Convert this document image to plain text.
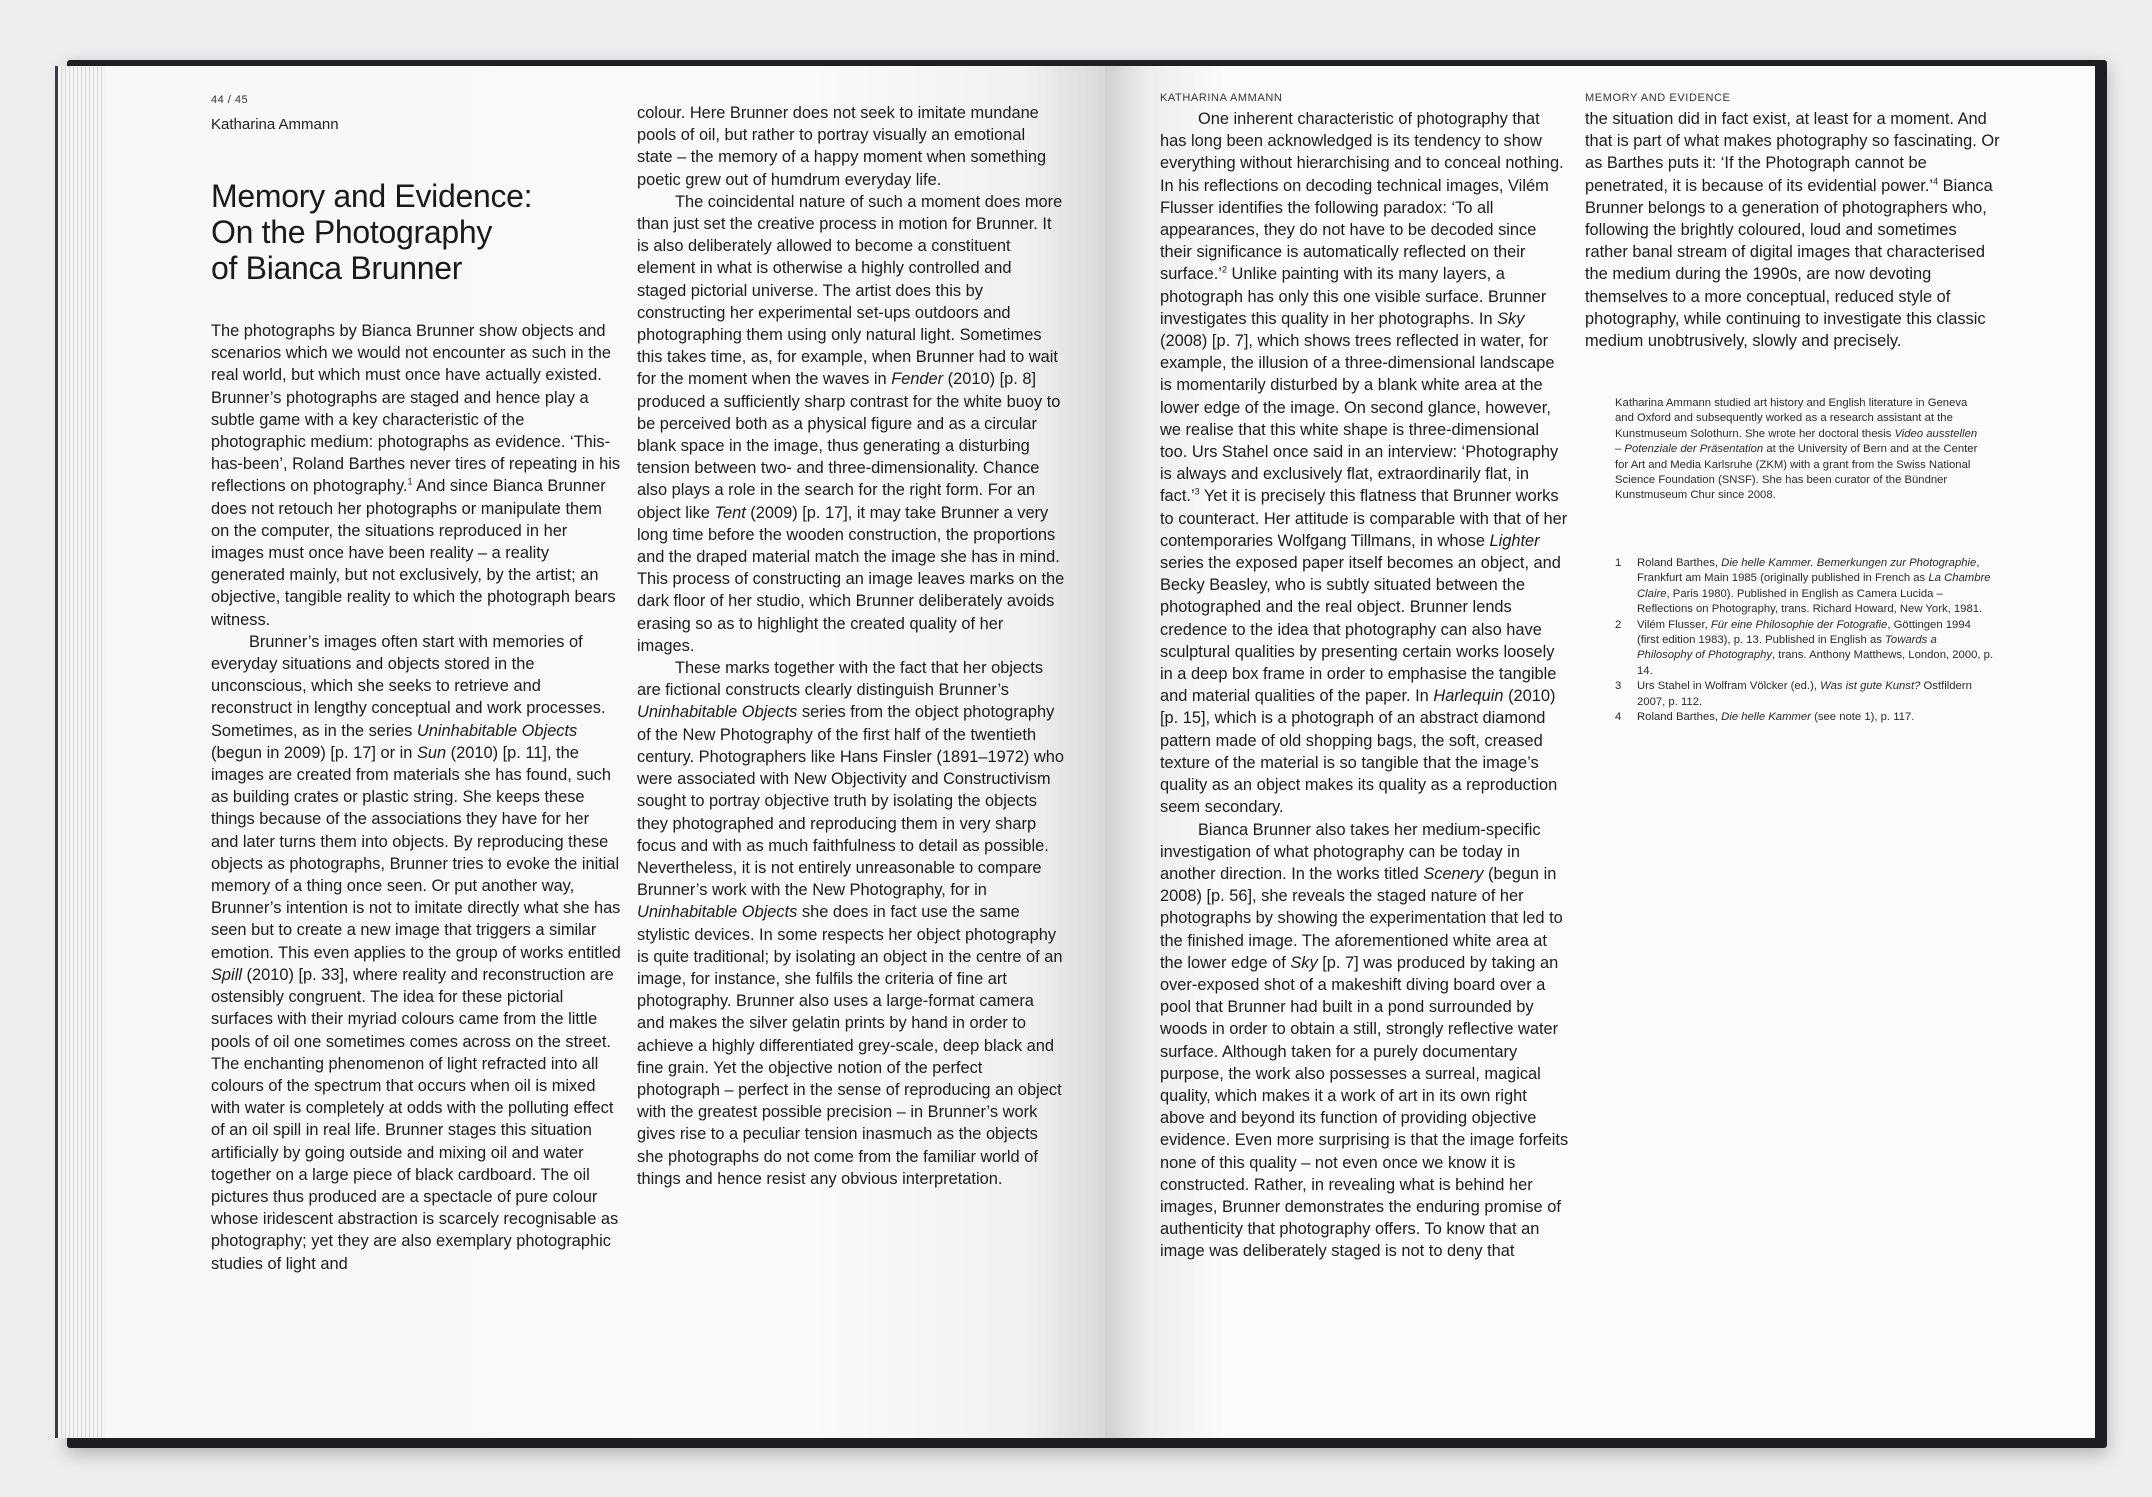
44 / 45
Katharina Ammann
Memory and Evidence:
On the Photography
of Bianca Brunner

The photographs by Bianca Brunner show objects and scenarios which we would not encounter as such in the real world, but which must once have actually existed. Brunner’s photographs are staged and hence play a subtle game with a key characteristic of the photographic medium: photographs as evidence. ‘This-has-been’, Roland Barthes never tires of repeating in his reflections on photography.$^1$ And since Bianca Brunner does not retouch her photographs or manipulate them on the computer, the situations reproduced in her images must once have been reality – a reality generated mainly, but not exclusively, by the artist; an objective, tangible reality to which the photograph bears witness.

Brunner’s images often start with memories of everyday situations and objects stored in the unconscious, which she seeks to retrieve and reconstruct in lengthy conceptual and work processes. Sometimes, as in the series Uninhabitable Objects (begun in 2009) [p. 17] or in Sun (2010) [p. 11], the images are created from materials she has found, such as building crates or plastic string. She keeps these things because of the associations they have for her and later turns them into objects. By reproducing these objects as photographs, Brunner tries to evoke the initial memory of a thing once seen. Or put another way, Brunner’s intention is not to imitate directly what she has seen but to create a new image that triggers a similar emotion. This even applies to the group of works entitled Spill (2010) [p. 33], where reality and reconstruction are ostensibly congruent. The idea for these pictorial surfaces with their myriad colours came from the little pools of oil one sometimes comes across on the street. The enchanting phenomenon of light refracted into all colours of the spectrum that occurs when oil is mixed with water is completely at odds with the polluting effect of an oil spill in real life. Brunner stages this situation artificially by going outside and mixing oil and water together on a large piece of black cardboard. The oil pictures thus produced are a spectacle of pure colour whose iridescent abstraction is scarcely recognisable as photography; yet they are also exemplary photographic studies of light and

colour. Here Brunner does not seek to imitate mundane pools of oil, but rather to portray visually an emotional state – the memory of a happy moment when something poetic grew out of humdrum everyday life.

The coincidental nature of such a moment does more than just set the creative process in motion for Brunner. It is also deliberately allowed to become a constituent element in what is otherwise a highly controlled and staged pictorial universe. The artist does this by constructing her experimental set-ups outdoors and photographing them using only natural light. Sometimes this takes time, as, for example, when Brunner had to wait for the moment when the waves in Fender (2010) [p. 8] produced a sufficiently sharp contrast for the white buoy to be perceived both as a physical figure and as a circular blank space in the image, thus generating a disturbing tension between two- and three-dimensionality. Chance also plays a role in the search for the right form. For an object like Tent (2009) [p. 17], it may take Brunner a very long time before the wooden construction, the proportions and the draped material match the image she has in mind. This process of constructing an image leaves marks on the dark floor of her studio, which Brunner deliberately avoids erasing so as to highlight the created quality of her images.

These marks together with the fact that her objects are fictional constructs clearly distinguish Brunner’s Uninhabitable Objects series from the object photography of the New Photography of the first half of the twentieth century. Photographers like Hans Finsler (1891–1972) who were associated with New Objectivity and Constructivism sought to portray objective truth by isolating the objects they photographed and reproducing them in very sharp focus and with as much faithfulness to detail as possible. Nevertheless, it is not entirely unreasonable to compare Brunner’s work with the New Photography, for in Uninhabitable Objects she does in fact use the same stylistic devices. In some respects her object photography is quite traditional; by isolating an object in the centre of an image, for instance, she fulfils the criteria of fine art photography. Brunner also uses a large-format camera and makes the silver gelatin prints by hand in order to achieve a highly differentiated grey-scale, deep black and fine grain. Yet the objective notion of the perfect photograph – perfect in the sense of reproducing an object with the greatest possible precision – in Brunner’s work gives rise to a peculiar tension inasmuch as the objects she photographs do not come from the familiar world of things and hence resist any obvious interpretation.

KATHARINA AMMANN	MEMORY AND EVIDENCE

One inherent characteristic of photography that has long been acknowledged is its tendency to show everything without hierarchising and to conceal nothing. In his reflections on decoding technical images, Vilém Flusser identifies the following paradox: ‘To all appearances, they do not have to be decoded since their significance is automatically reflected on their surface.’$^2$ Unlike painting with its many layers, a photograph has only this one visible surface. Brunner investigates this quality in her photographs. In Sky (2008) [p. 7], which shows trees reflected in water, for example, the illusion of a three-dimensional landscape is momentarily disturbed by a blank white area at the lower edge of the image. On second glance, however, we realise that this white shape is three-dimensional too. Urs Stahel once said in an interview: ‘Photography is always and exclusively flat, extraordinarily flat, in fact.’$^3$ Yet it is precisely this flatness that Brunner works to counteract. Her attitude is comparable with that of her contemporaries Wolfgang Tillmans, in whose Lighter series the exposed paper itself becomes an object, and Becky Beasley, who is subtly situated between the photographed and the real object. Brunner lends credence to the idea that photography can also have sculptural qualities by presenting certain works loosely in a deep box frame in order to emphasise the tangible and material qualities of the paper. In Harlequin (2010) [p. 15], which is a photograph of an abstract diamond pattern made of old shopping bags, the soft, creased texture of the material is so tangible that the image’s quality as an object makes its quality as a reproduction seem secondary.

Bianca Brunner also takes her medium-specific investigation of what photography can be today in another direction. In the works titled Scenery (begun in 2008) [p. 56], she reveals the staged nature of her photographs by showing the experimentation that led to the finished image. The aforementioned white area at the lower edge of Sky [p. 7] was produced by taking an over-exposed shot of a makeshift diving board over a pool that Brunner had built in a pond surrounded by woods in order to obtain a still, strongly reflective water surface. Although taken for a purely documentary purpose, the work also possesses a surreal, magical quality, which makes it a work of art in its own right above and beyond its function of providing objective evidence. Even more surprising is that the image forfeits none of this quality – not even once we know it is constructed. Rather, in revealing what is behind her images, Brunner demonstrates the enduring promise of authenticity that photography offers. To know that an image was deliberately staged is not to deny that

the situation did in fact exist, at least for a moment. And that is part of what makes photography so fascinating. Or as Barthes puts it: ‘If the Photograph cannot be penetrated, it is because of its evidential power.’$^4$ Bianca Brunner belongs to a generation of photographers who, following the brightly coloured, loud and sometimes rather banal stream of digital images that characterised the medium during the 1990s, are now devoting themselves to a more conceptual, reduced style of photography, while continuing to investigate this classic medium unobtrusively, slowly and precisely.

Katharina Ammann studied art history and English literature in Geneva and Oxford and subsequently worked as a research assistant at the Kunstmuseum Solothurn. She wrote her doctoral thesis Video ausstellen – Potenziale der Präsentation at the University of Bern and at the Center for Art and Media Karlsruhe (ZKM) with a grant from the Swiss National Science Foundation (SNSF). She has been curator of the Bündner Kunstmuseum Chur since 2008.
1	Roland Barthes, Die helle Kammer. Bemerkungen zur Photographie, Frankfurt am Main 1985 (originally published in French as La Chambre Claire, Paris 1980). Published in English as Camera Lucida – Reflections on Photography, trans. Richard Howard, New York, 1981.
2	Vilém Flusser, Für eine Philosophie der Fotografie, Göttingen 1994 (first edition 1983), p. 13. Published in English as Towards a Philosophy of Photography, trans. Anthony Matthews, London, 2000, p. 14.
3	Urs Stahel in Wolfram Völcker (ed.), Was ist gute Kunst? Ostfildern 2007, p. 112.
4	Roland Barthes, Die helle Kammer (see note 1), p. 117.
